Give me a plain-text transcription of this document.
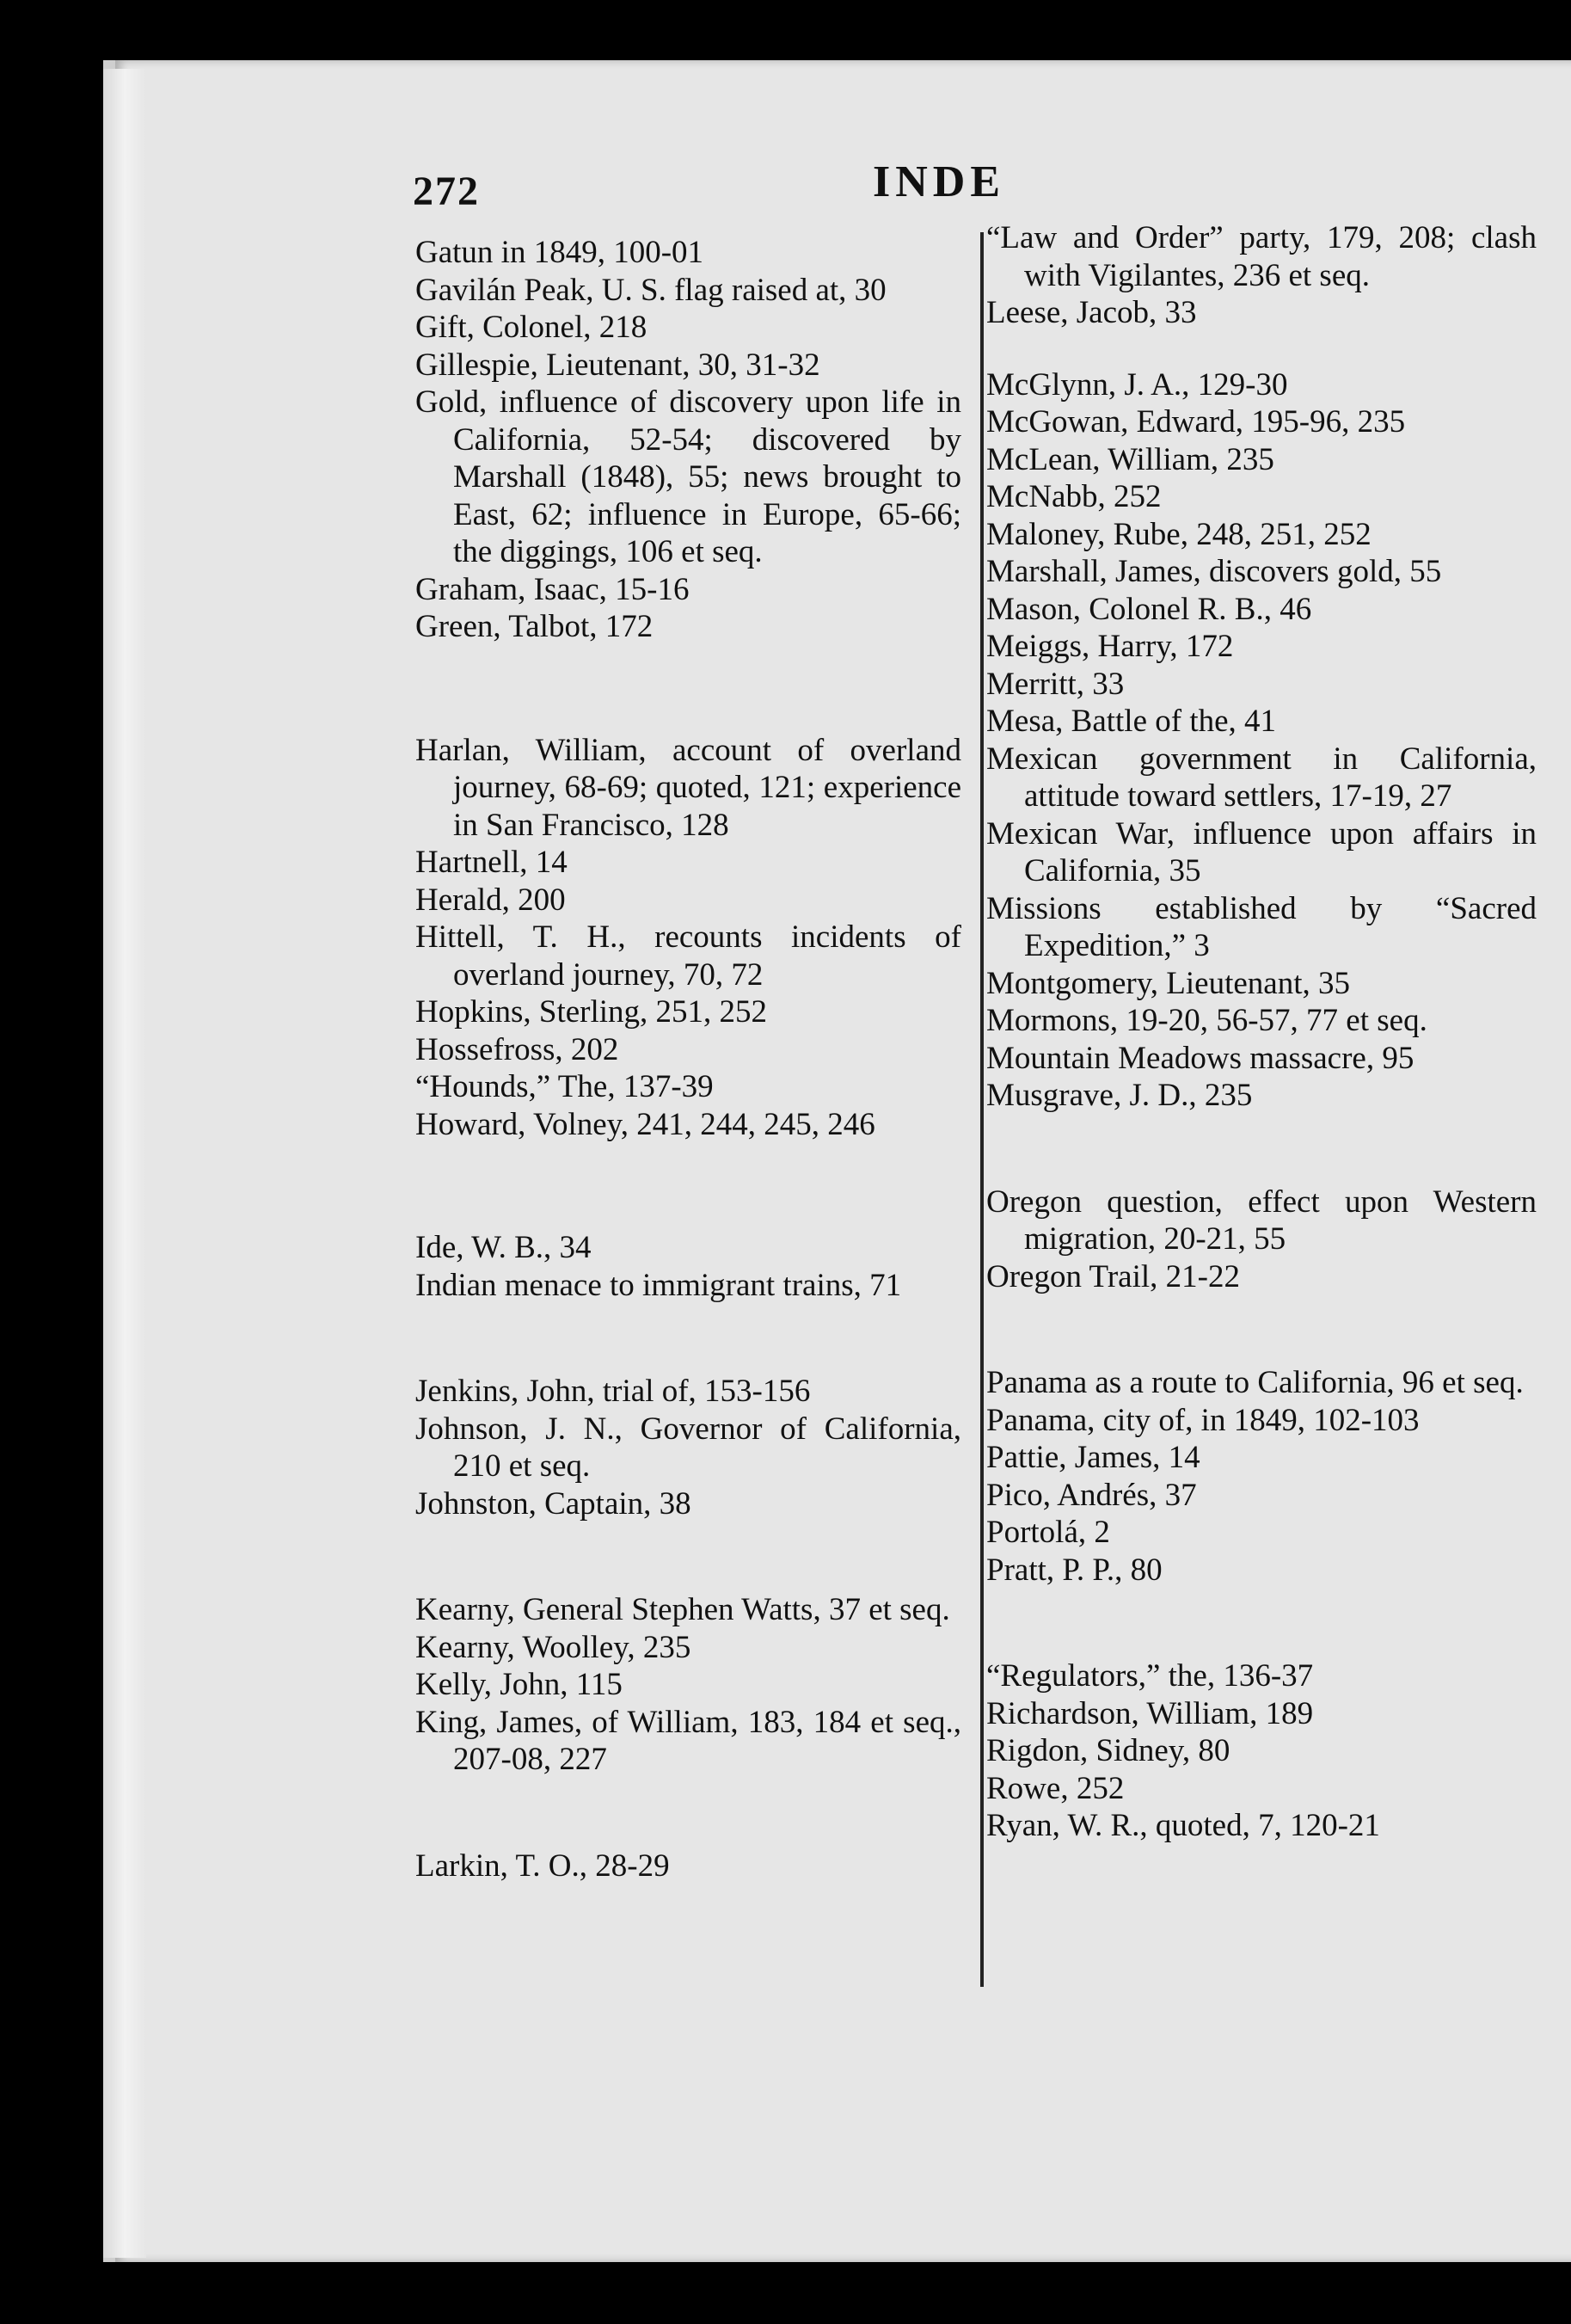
272	INDE

Gatun in 1849, 100-01

Gavilán Peak, U. S. flag raised at, 30

Gift, Colonel, 218

Gillespie, Lieutenant, 30, 31-32

Gold, influence of discovery upon life in California, 52-54; discovered by Marshall (1848), 55; news brought to East, 62; influence in Europe, 65-66; the diggings, 106 et seq.

Graham, Isaac, 15-16

Green, Talbot, 172

Harlan, William, account of overland journey, 68-69; quoted, 121; experience in San Francisco, 128

Hartnell, 14

Herald, 200

Hittell, T. H., recounts incidents of overland journey, 70, 72

Hopkins, Sterling, 251, 252

Hossefross, 202

“Hounds,” The, 137-39

Howard, Volney, 241, 244, 245, 246

Ide, W. B., 34

Indian menace to immigrant trains, 71

Jenkins, John, trial of, 153-156

Johnson, J. N., Governor of California, 210 et seq.

Johnston, Captain, 38

Kearny, General Stephen Watts, 37 et seq.

Kearny, Woolley, 235

Kelly, John, 115

King, James, of William, 183, 184 et seq., 207-08, 227

Larkin, T. O., 28-29

“Law and Order” party, 179, 208; clash with Vigilantes, 236 et seq.

Leese, Jacob, 33

McGlynn, J. A., 129-30

McGowan, Edward, 195-96, 235

McLean, William, 235

McNabb, 252

Maloney, Rube, 248, 251, 252

Marshall, James, discovers gold, 55

Mason, Colonel R. B., 46

Meiggs, Harry, 172

Merritt, 33

Mesa, Battle of the, 41

Mexican government in California, attitude toward settlers, 17-19, 27

Mexican War, influence upon affairs in California, 35

Missions established by “Sacred Expedition,” 3

Montgomery, Lieutenant, 35

Mormons, 19-20, 56-57, 77 et seq.

Mountain Meadows massacre, 95

Musgrave, J. D., 235

Oregon question, effect upon Western migration, 20-21, 55

Oregon Trail, 21-22

Panama as a route to California, 96 et seq.

Panama, city of, in 1849, 102-103

Pattie, James, 14

Pico, Andrés, 37

Portolá, 2

Pratt, P. P., 80

“Regulators,” the, 136-37

Richardson, William, 189

Rigdon, Sidney, 80

Rowe, 252

Ryan, W. R., quoted, 7, 120-21
